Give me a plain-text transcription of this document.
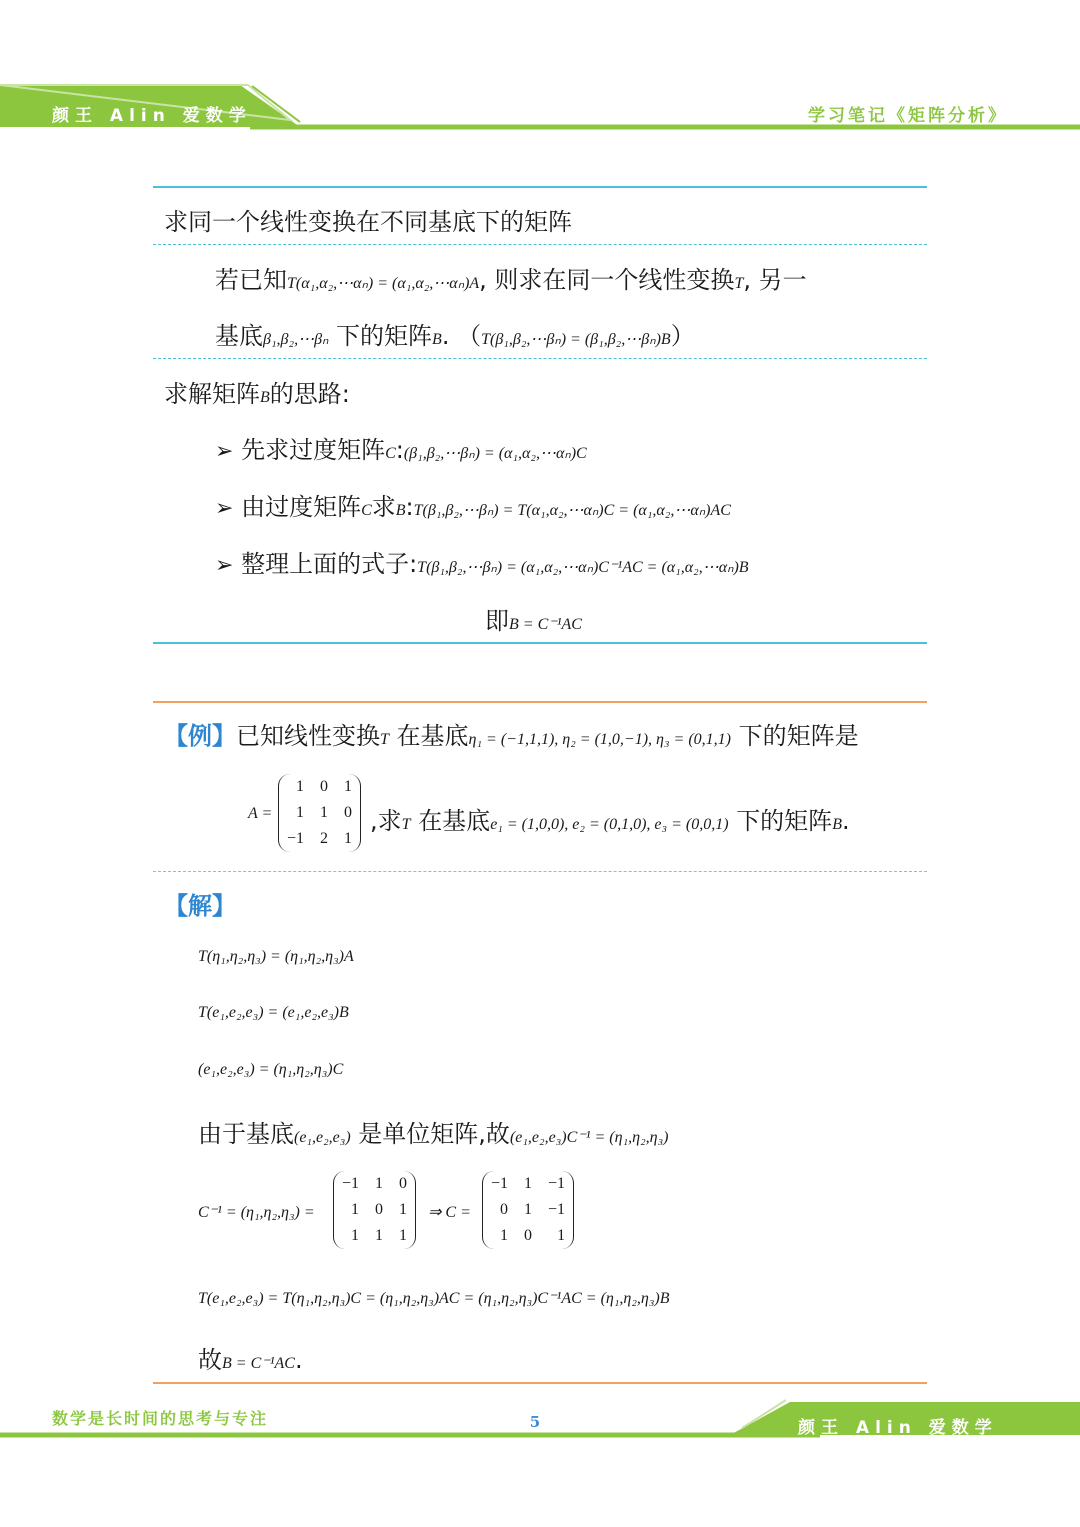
颜王 Alin 爱数学	学习笔记《矩阵分析》
求同一个线性变换在不同基底下的矩阵
若已知T(α₁,α₂,⋯αₙ) = (α₁,α₂,⋯αₙ)A, 则求在同一个线性变换T, 另一
基底β₁,β₂,⋯βₙ 下的矩阵B. （T(β₁,β₂,⋯βₙ) = (β₁,β₂,⋯βₙ)B）
求解矩阵B的思路:
➢ 先求过度矩阵C:(β₁,β₂,⋯βₙ) = (α₁,α₂,⋯αₙ)C
➢ 由过度矩阵C求B:T(β₁,β₂,⋯βₙ) = T(α₁,α₂,⋯αₙ)C = (α₁,α₂,⋯αₙ)AC
➢ 整理上面的式子:T(β₁,β₂,⋯βₙ) = (α₁,α₂,⋯αₙ)C⁻¹AC = (α₁,α₂,⋯αₙ)B
即B = C⁻¹AC
【例】已知线性变换T 在基底η₁ = (−1,1,1), η₂ = (1,0,−1), η₃ = (0,1,1) 下的矩阵是
A =
1	0	1
1	1	0
−1	2	1
,求T 在基底e₁ = (1,0,0), e₂ = (0,1,0), e₃ = (0,0,1) 下的矩阵B.
【解】
T(η₁,η₂,η₃) = (η₁,η₂,η₃)A
T(e₁,e₂,e₃) = (e₁,e₂,e₃)B
(e₁,e₂,e₃) = (η₁,η₂,η₃)C
由于基底(e₁,e₂,e₃) 是单位矩阵,故(e₁,e₂,e₃)C⁻¹ = (η₁,η₂,η₃)
C⁻¹ = (η₁,η₂,η₃) =
−1	1	0
1	0	1
1	1	1
⇒ C =
−1	1	−1
0	1	−1
1	0	1
T(e₁,e₂,e₃) = T(η₁,η₂,η₃)C = (η₁,η₂,η₃)AC = (η₁,η₂,η₃)C⁻¹AC = (η₁,η₂,η₃)B
故B = C⁻¹AC.
数学是长时间的思考与专注	5	颜王 Alin 爱数学
